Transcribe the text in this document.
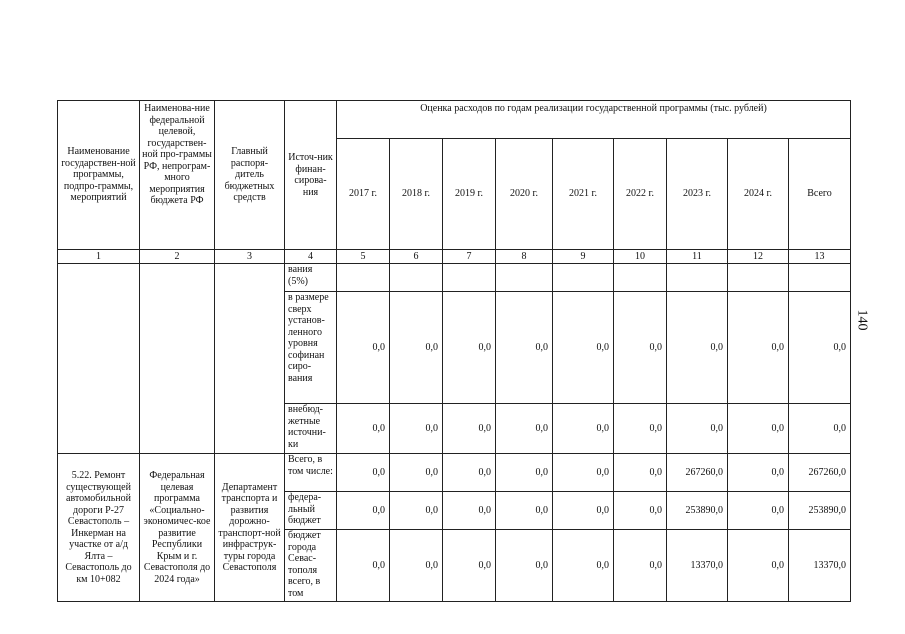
Наименование государствен-ной программы, подпро-граммы, мероприятий	Наименова-ние федеральной целевой, государствен-ной про-граммы РФ, непрограм-много мероприятия бюджета РФ	Главный распоря-дитель бюджетных средств	Источ-ник финан-сирова-ния	Оценка расходов по годам реализации государственной программы (тыс. рублей)								
				2017 г.	2018 г.	2019 г.	2020 г.	2021 г.	2022 г.	2023 г.	2024 г.	Всего
1	2	3	4	5	6	7	8	9	10	11	12	13
			вания (5%)									
			в размере сверх установ-ленного уровня софинан сиро-вания	0,0	0,0	0,0	0,0	0,0	0,0	0,0	0,0	0,0
			внебюд-жетные источни-ки	0,0	0,0	0,0	0,0	0,0	0,0	0,0	0,0	0,0
5.22. Ремонт существующей автомобильной дороги Р-27 Севастополь – Инкерман на участке от а/д Ялта – Севастополь до км 10+082	Федеральная целевая программа «Социально-экономичес-кое развитие Республики Крым и г. Севастополя до 2024 года»	Департамент транспорта и развития дорожно-транспорт-ной инфраструк-туры города Севастополя	Всего, в том числе:	0,0	0,0	0,0	0,0	0,0	0,0	267260,0	0,0	267260,0
			федера-льный бюджет	0,0	0,0	0,0	0,0	0,0	0,0	253890,0	0,0	253890,0
			бюджет города Севас-тополя всего, в том	0,0	0,0	0,0	0,0	0,0	0,0	13370,0	0,0	13370,0
140
